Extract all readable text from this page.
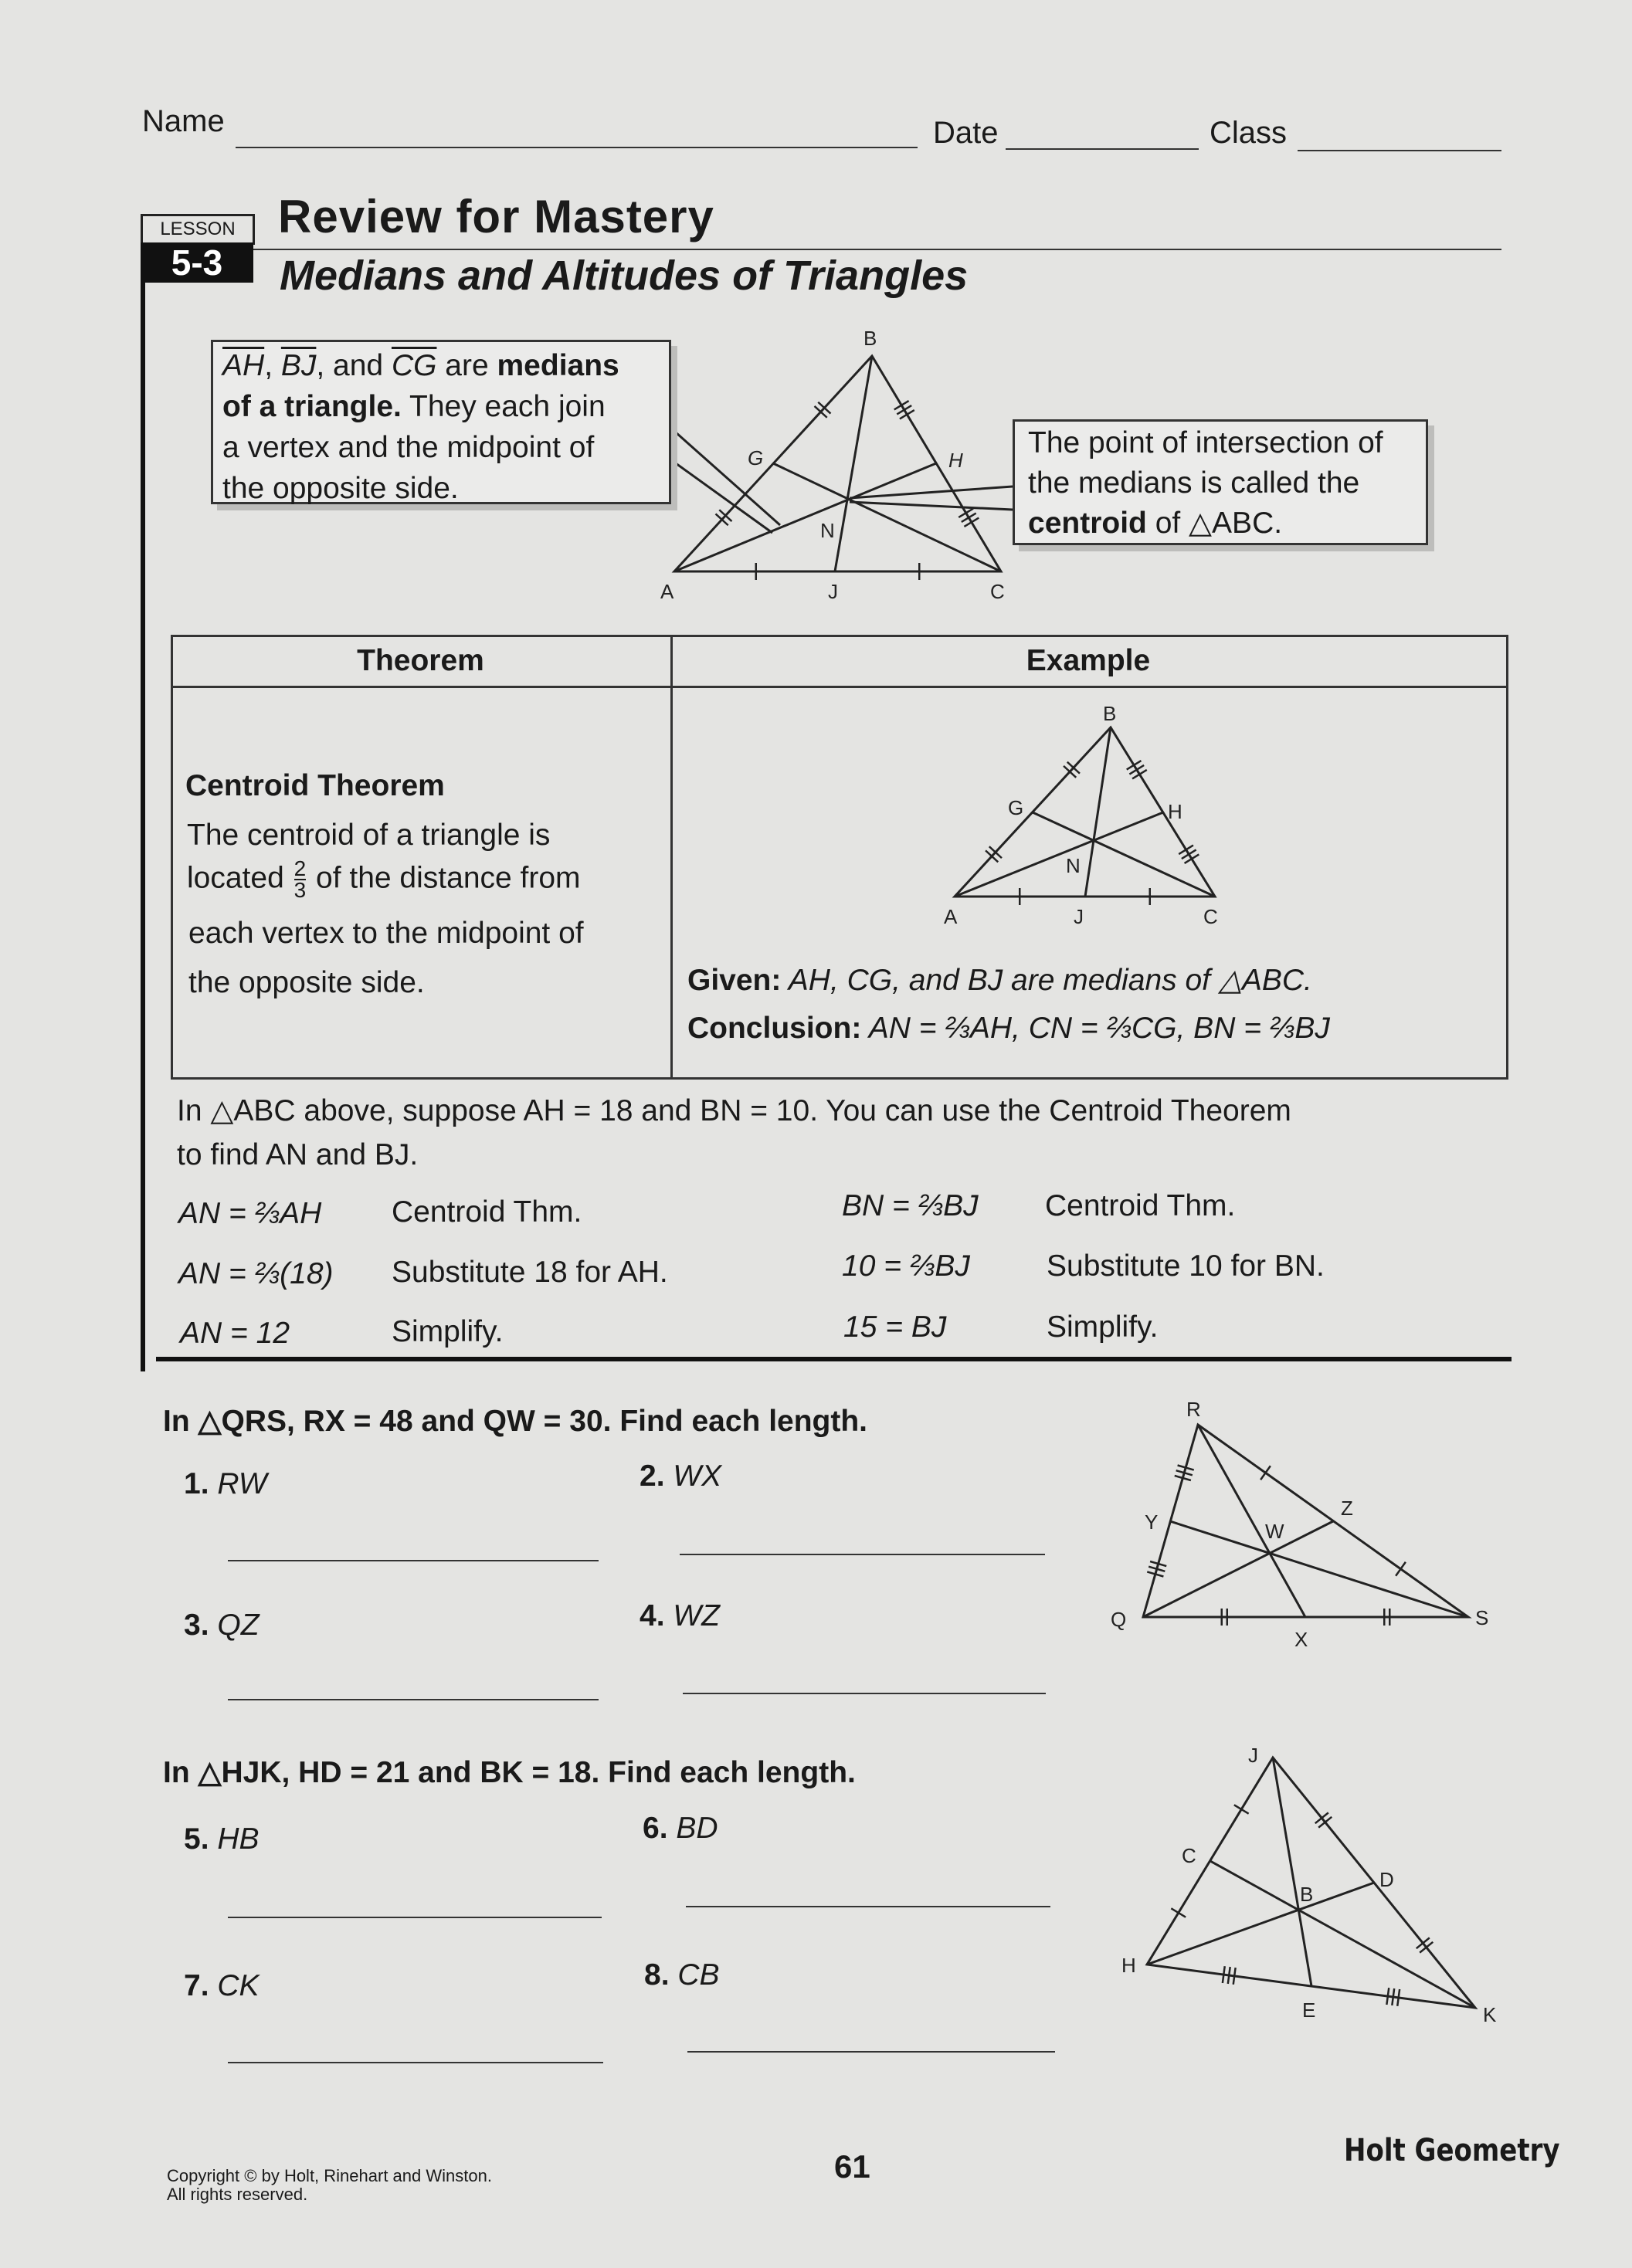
Name	Date	Class
LESSON
5-3
Review for Mastery
Medians and Altitudes of Triangles
B
A	C
J
G	H
N
B
A	C
J
G	H
N
R
Q	S
X
Y
Z
W
J
H
K
C
D
E
B
$\overline{AH}$, $\overline{BJ}$, and $\overline{CG}$ are medians
of a triangle. They each join
a vertex and the midpoint of
the opposite side.
The point of intersection of
the medians is called the
centroid of △ABC.
Theorem	Example
Centroid Theorem
The centroid of a triangle is
located $\frac{2}{3}$ of the distance from
each vertex to the midpoint of
the opposite side.	Given: AH, CG, and BJ are medians of △ABC.
Conclusion: AN = ⅔AH, CN = ⅔CG, BN = ⅔BJ
In △ABC above, suppose AH = 18 and BN = 10. You can use the Centroid Theorem
to find AN and BJ.
AN = ⅔AH Centroid Thm.	BN = ⅔BJ Centroid Thm.
AN = ⅔(18) Substitute 18 for AH.	10 = ⅔BJ	Substitute 10 for BN.
AN = 12	Simplify.	15 = BJ	Simplify.
In △QRS, RX = 48 and QW = 30. Find each length.
1. RW	2. WX
3. QZ	4. WZ
In △HJK, HD = 21 and BK = 18. Find each length.
5. HB	6. BD
7. CK	8. CB
Copyright © by Holt, Rinehart and Winston.
All rights reserved.
61	Holt Geometry
